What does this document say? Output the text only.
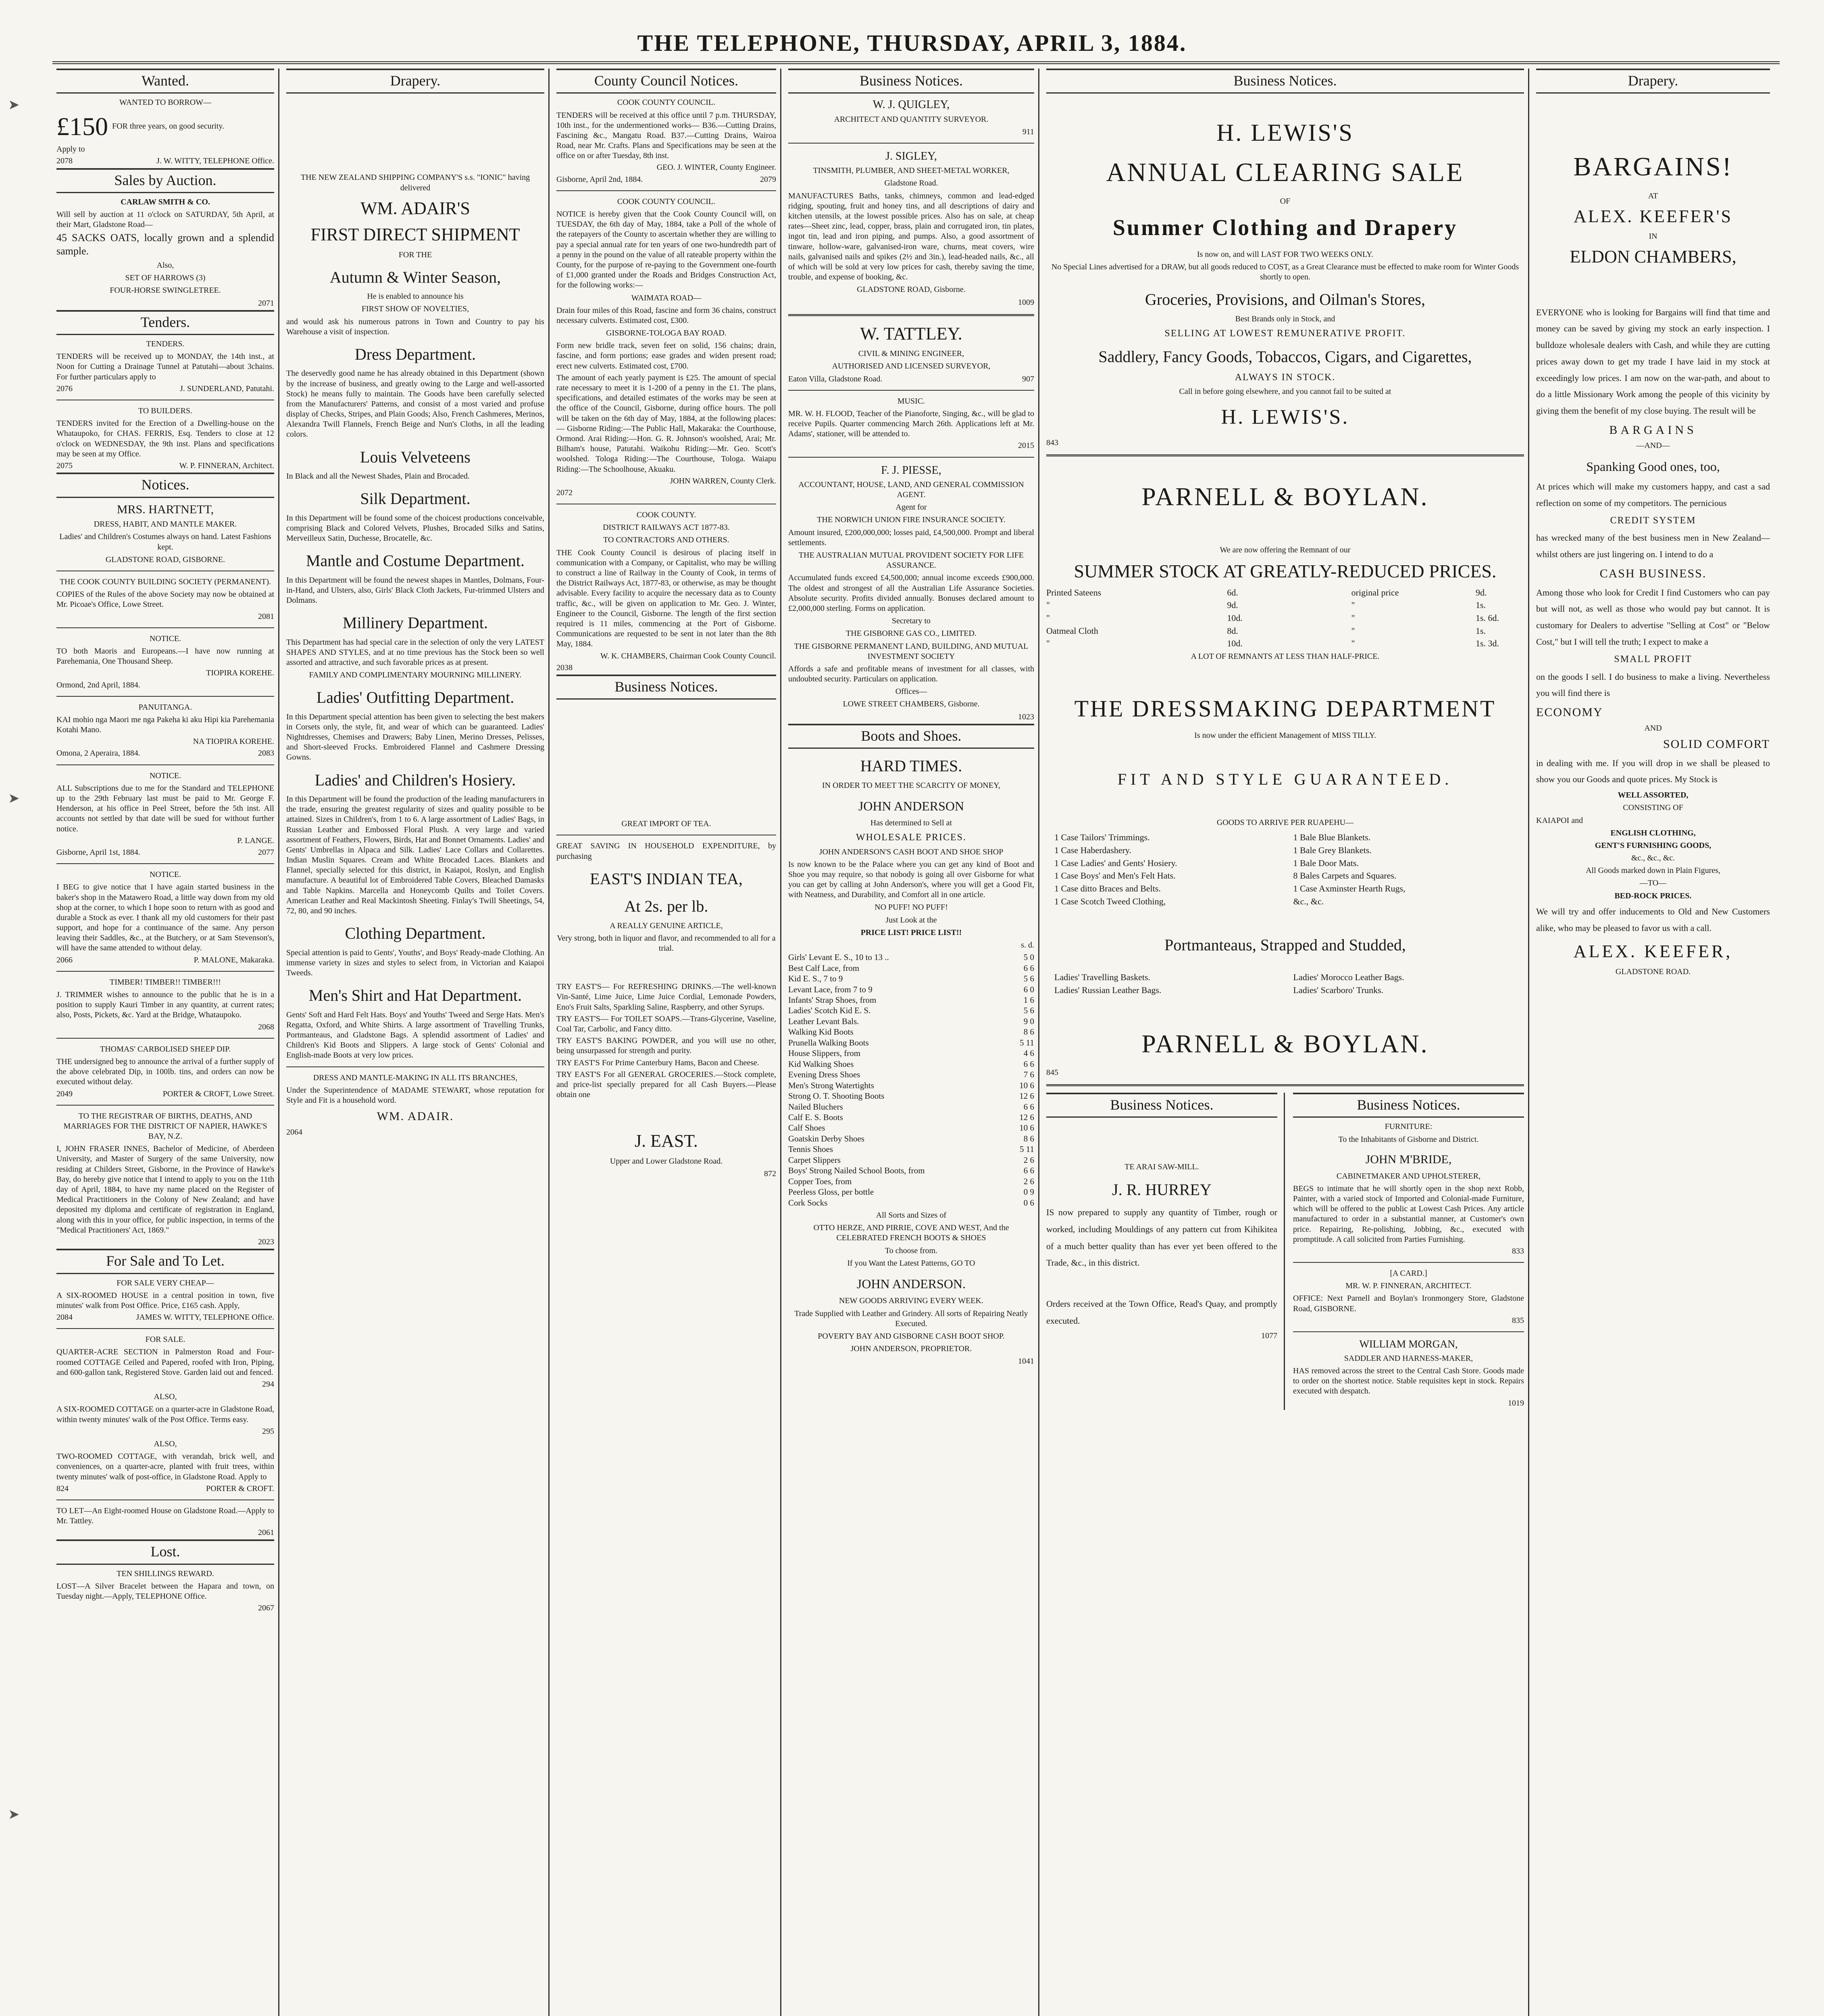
THE TELEPHONE, THURSDAY, APRIL 3, 1884.
➤
➤
➤
Wanted.
WANTED TO BORROW—
£150 FOR three years, on good security.
Apply to
2078	J. W. WITTY, TELEPHONE Office.
Sales by Auction.
CARLAW SMITH & CO.
Will sell by auction at 11 o'clock on SATURDAY, 5th April, at their Mart, Gladstone Road—
45 SACKS OATS, locally grown and a splendid sample.
Also,
SET OF HARROWS (3)
FOUR-HORSE SWINGLETREE.
2071
Tenders.
TENDERS.
TENDERS will be received up to MONDAY, the 14th inst., at Noon for Cutting a Drainage Tunnel at Patutahi—about 3chains. For further particulars apply to
2076	J. SUNDERLAND, Patutahi.
TO BUILDERS.
TENDERS invited for the Erection of a Dwelling-house on the Whataupoko, for CHAS. FERRIS, Esq. Tenders to close at 12 o'clock on WEDNESDAY, the 9th inst. Plans and specifications may be seen at my Office.
2075	W. P. FINNERAN, Architect.
Notices.
MRS. HARTNETT,
DRESS, HABIT, AND MANTLE MAKER.
Ladies' and Children's Costumes always on hand. Latest Fashions kept.
GLADSTONE ROAD, GISBORNE.
THE COOK COUNTY BUILDING SOCIETY (PERMANENT).
COPIES of the Rules of the above Society may now be obtained at Mr. Picoae's Office, Lowe Street.
2081
NOTICE.
TO both Maoris and Europeans.—I have now running at Parehemania, One Thousand Sheep.
TIOPIRA KOREHE.
Ormond, 2nd April, 1884.
PANUITANGA.
KAI mohio nga Maori me nga Pakeha ki aku Hipi kia Parehemania Kotahi Mano.
NA TIOPIRA KOREHE.
Omona, 2 Aperaira, 1884.	2083
NOTICE.
ALL Subscriptions due to me for the Standard and TELEPHONE up to the 29th February last must be paid to Mr. George F. Henderson, at his office in Peel Street, before the 5th inst. All accounts not settled by that date will be sued for without further notice.
P. LANGE.
Gisborne, April 1st, 1884.	2077
NOTICE.
I BEG to give notice that I have again started business in the baker's shop in the Matawero Road, a little way down from my old shop at the corner, to which I hope soon to return with as good and durable a Stock as ever. I thank all my old customers for their past support, and hope for a continuance of the same. Any person leaving their Saddles, &c., at the Butchery, or at Sam Stevenson's, will have the same attended to without delay.
2066	P. MALONE, Makaraka.
TIMBER! TIMBER!! TIMBER!!!
J. TRIMMER wishes to announce to the public that he is in a position to supply Kauri Timber in any quantity, at current rates; also, Posts, Pickets, &c. Yard at the Bridge, Whataupoko.
2068
THOMAS' CARBOLISED SHEEP DIP.
THE undersigned beg to announce the arrival of a further supply of the above celebrated Dip, in 100lb. tins, and orders can now be executed without delay.
2049	PORTER & CROFT, Lowe Street.
TO THE REGISTRAR OF BIRTHS, DEATHS, AND MARRIAGES FOR THE DISTRICT OF NAPIER, HAWKE'S BAY, N.Z.
I, JOHN FRASER INNES, Bachelor of Medicine, of Aberdeen University, and Master of Surgery of the same University, now residing at Childers Street, Gisborne, in the Province of Hawke's Bay, do hereby give notice that I intend to apply to you on the 11th day of April, 1884, to have my name placed on the Register of Medical Practitioners in the Colony of New Zealand; and have deposited my diploma and certificate of registration in England, along with this in your office, for public inspection, in terms of the "Medical Practitioners' Act, 1869."
2023
For Sale and To Let.
FOR SALE VERY CHEAP—
A SIX-ROOMED HOUSE in a central position in town, five minutes' walk from Post Office. Price, £165 cash. Apply,
2084	JAMES W. WITTY, TELEPHONE Office.
FOR SALE.
QUARTER-ACRE SECTION in Palmerston Road and Four-roomed COTTAGE Ceiled and Papered, roofed with Iron, Piping, and 600-gallon tank, Registered Stove. Garden laid out and fenced.
294
ALSO,
A SIX-ROOMED COTTAGE on a quarter-acre in Gladstone Road, within twenty minutes' walk of the Post Office. Terms easy.
295
ALSO,
TWO-ROOMED COTTAGE, with verandah, brick well, and conveniences, on a quarter-acre, planted with fruit trees, within twenty minutes' walk of post-office, in Gladstone Road. Apply to
824	PORTER & CROFT.
TO LET—An Eight-roomed House on Gladstone Road.—Apply to Mr. Tattley.
2061
Lost.
TEN SHILLINGS REWARD.
LOST—A Silver Bracelet between the Hapara and town, on Tuesday night.—Apply, TELEPHONE Office.
2067
Drapery.
THE NEW ZEALAND SHIPPING COMPANY'S s.s. "IONIC" having delivered
WM. ADAIR'S
FIRST DIRECT SHIPMENT
FOR THE
Autumn & Winter Season,
He is enabled to announce his
FIRST SHOW OF NOVELTIES,
and would ask his numerous patrons in Town and Country to pay his Warehouse a visit of inspection.
Dress Department.
The deservedly good name he has already obtained in this Department (shown by the increase of business, and greatly owing to the Large and well-assorted Stock) he means fully to maintain. The Goods have been carefully selected from the Manufacturers' Patterns, and consist of a most varied and profuse display of Checks, Stripes, and Plain Goods; Also, French Cashmeres, Merinos, Alexandra Twill Flannels, French Beige and Nun's Cloths, in all the leading colors.
Louis Velveteens
In Black and all the Newest Shades, Plain and Brocaded.
Silk Department.
In this Department will be found some of the choicest productions conceivable, comprising Black and Colored Velvets, Plushes, Brocaded Silks and Satins, Merveilleux Satin, Duchesse, Brocatelle, &c.
Mantle and Costume Department.
In this Department will be found the newest shapes in Mantles, Dolmans, Four-in-Hand, and Ulsters, also, Girls' Black Cloth Jackets, Fur-trimmed Ulsters and Dolmans.
Millinery Department.
This Department has had special care in the selection of only the very LATEST SHAPES AND STYLES, and at no time previous has the Stock been so well assorted and attractive, and such favorable prices as at present.
FAMILY AND COMPLIMENTARY MOURNING MILLINERY.
Ladies' Outfitting Department.
In this Department special attention has been given to selecting the best makers in Corsets only, the style, fit, and wear of which can be guaranteed. Ladies' Nightdresses, Chemises and Drawers; Baby Linen, Merino Dresses, Pelisses, and Short-sleeved Frocks. Embroidered Flannel and Cashmere Dressing Gowns.
Ladies' and Children's Hosiery.
In this Department will be found the production of the leading manufacturers in the trade, ensuring the greatest regularity of sizes and quality possible to be attained. Sizes in Children's, from 1 to 6. A large assortment of Ladies' Bags, in Russian Leather and Embossed Floral Plush. A very large and varied assortment of Feathers, Flowers, Birds, Hat and Bonnet Ornaments. Ladies' and Gents' Umbrellas in Alpaca and Silk. Ladies' Lace Collars and Collarettes. Indian Muslin Squares. Cream and White Brocaded Laces. Blankets and Flannel, specially selected for this district, in Kaiapoi, Roslyn, and English manufacture. A beautiful lot of Embroidered Table Covers, Bleached Damasks and Table Napkins. Marcella and Honeycomb Quilts and Toilet Covers. American Leather and Real Mackintosh Sheeting. Finlay's Twill Sheetings, 54, 72, 80, and 90 inches.
Clothing Department.
Special attention is paid to Gents', Youths', and Boys' Ready-made Clothing. An immense variety in sizes and styles to select from, in Victorian and Kaiapoi Tweeds.
Men's Shirt and Hat Department.
Gents' Soft and Hard Felt Hats. Boys' and Youths' Tweed and Serge Hats. Men's Regatta, Oxford, and White Shirts. A large assortment of Travelling Trunks, Portmanteaus, and Gladstone Bags. A splendid assortment of Ladies' and Children's Kid Boots and Slippers. A large stock of Gents' Colonial and English-made Boots at very low prices.
DRESS AND MANTLE-MAKING IN ALL ITS BRANCHES,
Under the Superintendence of MADAME STEWART, whose reputation for Style and Fit is a household word.
WM. ADAIR.
2064
County Council Notices.
COOK COUNTY COUNCIL.
TENDERS will be received at this office until 7 p.m. THURSDAY, 10th inst., for the undermentioned works— B36.—Cutting Drains, Fascining &c., Mangatu Road. B37.—Cutting Drains, Wairoa Road, near Mr. Crafts. Plans and Specifications may be seen at the office on or after Tuesday, 8th inst.
GEO. J. WINTER, County Engineer.
Gisborne, April 2nd, 1884.	2079
COOK COUNTY COUNCIL.
NOTICE is hereby given that the Cook County Council will, on TUESDAY, the 6th day of May, 1884, take a Poll of the whole of the ratepayers of the County to ascertain whether they are willing to pay a special annual rate for ten years of one two-hundredth part of a penny in the pound on the value of all rateable property within the County, for the purpose of re-paying to the Government one-fourth of £1,000 granted under the Roads and Bridges Construction Act, for the following works:—
WAIMATA ROAD—
Drain four miles of this Road, fascine and form 36 chains, construct necessary culverts. Estimated cost, £300.
GISBORNE-TOLOGA BAY ROAD.
Form new bridle track, seven feet on solid, 156 chains; drain, fascine, and form portions; ease grades and widen present road; erect new culverts. Estimated cost, £700.
The amount of each yearly payment is £25. The amount of special rate necessary to meet it is 1-200 of a penny in the £1. The plans, specifications, and detailed estimates of the works may be seen at the office of the Council, Gisborne, during office hours. The poll will be taken on the 6th day of May, 1884, at the following places:— Gisborne Riding:—The Public Hall, Makaraka: the Courthouse, Ormond. Arai Riding:—Hon. G. R. Johnson's woolshed, Arai; Mr. Bilham's house, Patutahi. Waikohu Riding:—Mr. Geo. Scott's woolshed. Tologa Riding:—The Courthouse, Tologa. Waiapu Riding:—The Schoolhouse, Akuaku.
JOHN WARREN, County Clerk.
2072
COOK COUNTY.
DISTRICT RAILWAYS ACT 1877-83.
TO CONTRACTORS AND OTHERS.
THE Cook County Council is desirous of placing itself in communication with a Company, or Capitalist, who may be willing to construct a line of Railway in the County of Cook, in terms of the District Railways Act, 1877-83, or otherwise, as may be thought advisable. Every facility to acquire the necessary data as to County traffic, &c., will be given on application to Mr. Geo. J. Winter, Engineer to the Council, Gisborne. The length of the first section required is 11 miles, commencing at the Port of Gisborne. Communications are requested to be sent in not later than the 8th May, 1884.
W. K. CHAMBERS, Chairman Cook County Council.
2038
Business Notices.
GREAT IMPORT OF TEA.
GREAT SAVING IN HOUSEHOLD EXPENDITURE, by purchasing
EAST'S INDIAN TEA,
At 2s. per lb.
A REALLY GENUINE ARTICLE,
Very strong, both in liquor and flavor, and recommended to all for a trial.
TRY EAST'S— For REFRESHING DRINKS.—The well-known Vin-Santé, Lime Juice, Lime Juice Cordial, Lemonade Powders, Eno's Fruit Salts, Sparkling Saline, Raspberry, and other Syrups.
TRY EAST'S— For TOILET SOAPS.—Trans-Glycerine, Vaseline, Coal Tar, Carbolic, and Fancy ditto.
TRY EAST'S BAKING POWDER, and you will use no other, being unsurpassed for strength and purity.
TRY EAST'S For Prime Canterbury Hams, Bacon and Cheese.
TRY EAST'S For all GENERAL GROCERIES.—Stock complete, and price-list specially prepared for all Cash Buyers.—Please obtain one
J. EAST.
Upper and Lower Gladstone Road.
872
Business Notices.
W. J. QUIGLEY,
ARCHITECT AND QUANTITY SURVEYOR.
911
J. SIGLEY,
TINSMITH, PLUMBER, AND SHEET-METAL WORKER,
Gladstone Road.
MANUFACTURES Baths, tanks, chimneys, common and lead-edged ridging, spouting, fruit and honey tins, and all descriptions of dairy and kitchen utensils, at the lowest possible prices. Also has on sale, at cheap rates—Sheet zinc, lead, copper, brass, plain and corrugated iron, tin plates, ingot tin, lead and iron piping, and pumps. Also, a good assortment of tinware, hollow-ware, galvanised-iron ware, churns, meat covers, wire nails, galvanised nails and spikes (2½ and 3in.), lead-headed nails, &c., all of which will be sold at very low prices for cash, thereby saving the time, trouble, and expense of booking, &c.
GLADSTONE ROAD, Gisborne.
1009
W. TATTLEY.
CIVIL & MINING ENGINEER,
AUTHORISED AND LICENSED SURVEYOR,
Eaton Villa, Gladstone Road.	907
MUSIC.
MR. W. H. FLOOD, Teacher of the Pianoforte, Singing, &c., will be glad to receive Pupils. Quarter commencing March 26th. Applications left at Mr. Adams', stationer, will be attended to.
2015
F. J. PIESSE,
ACCOUNTANT, HOUSE, LAND, AND GENERAL COMMISSION AGENT.
Agent for
THE NORWICH UNION FIRE INSURANCE SOCIETY.
Amount insured, £200,000,000; losses paid, £4,500,000. Prompt and liberal settlements.
THE AUSTRALIAN MUTUAL PROVIDENT SOCIETY FOR LIFE ASSURANCE.
Accumulated funds exceed £4,500,000; annual income exceeds £900,000. The oldest and strongest of all the Australian Life Assurance Societies. Absolute security. Profits divided annually. Bonuses declared amount to £2,000,000 sterling. Forms on application.
Secretary to
THE GISBORNE GAS CO., LIMITED.
THE GISBORNE PERMANENT LAND, BUILDING, AND MUTUAL INVESTMENT SOCIETY
Affords a safe and profitable means of investment for all classes, with undoubted security. Particulars on application.
Offices—
LOWE STREET CHAMBERS, Gisborne.
1023
Boots and Shoes.
HARD TIMES.
IN ORDER TO MEET THE SCARCITY OF MONEY,
JOHN ANDERSON
Has determined to Sell at
WHOLESALE PRICES.
JOHN ANDERSON'S CASH BOOT AND SHOE SHOP
Is now known to be the Palace where you can get any kind of Boot and Shoe you may require, so that nobody is going all over Gisborne for what you can get by calling at John Anderson's, where you will get a Good Fit, with Neatness, and Durability, and Comfort all in one article.
NO PUFF! NO PUFF!
Just Look at the
PRICE LIST! PRICE LIST!!
s. d.
Girls' Levant E. S., 10 to 13 ..	5 0
Best Calf Lace, from	6 6
Kid E. S., 7 to 9	5 6
Levant Lace, from 7 to 9	6 0
Infants' Strap Shoes, from	1 6
Ladies' Scotch Kid E. S.	5 6
Leather Levant Bals.	9 0
Walking Kid Boots	8 6
Prunella Walking Boots	5 11
House Slippers, from	4 6
Kid Walking Shoes	6 6
Evening Dress Shoes	7 6
Men's Strong Watertights	10 6
Strong O. T. Shooting Boots	12 6
Nailed Bluchers	6 6
Calf E. S. Boots	12 6
Calf Shoes	10 6
Goatskin Derby Shoes	8 6
Tennis Shoes	5 11
Carpet Slippers	2 6
Boys' Strong Nailed School Boots, from	6 6
Copper Toes, from	2 6
Peerless Gloss, per bottle	0 9
Cork Socks	0 6
All Sorts and Sizes of
OTTO HERZE, AND PIRRIE, COVE AND WEST, And the CELEBRATED FRENCH BOOTS & SHOES
To choose from.
If you Want the Latest Patterns, GO TO
JOHN ANDERSON.
NEW GOODS ARRIVING EVERY WEEK.
Trade Supplied with Leather and Grindery. All sorts of Repairing Neatly Executed.
POVERTY BAY AND GISBORNE CASH BOOT SHOP.
JOHN ANDERSON, PROPRIETOR.
1041
Business Notices.
H. LEWIS'S
ANNUAL CLEARING SALE
OF
Summer Clothing and Drapery
Is now on, and will LAST FOR TWO WEEKS ONLY.
No Special Lines advertised for a DRAW, but all goods reduced to COST, as a Great Clearance must be effected to make room for Winter Goods shortly to open.
Groceries, Provisions, and Oilman's Stores,
Best Brands only in Stock, and
SELLING AT LOWEST REMUNERATIVE PROFIT.
Saddlery, Fancy Goods, Tobaccos, Cigars, and Cigarettes,
ALWAYS IN STOCK.
Call in before going elsewhere, and you cannot fail to be suited at
H. LEWIS'S.
843
PARNELL & BOYLAN.
We are now offering the Remnant of our
SUMMER STOCK AT GREATLY-REDUCED PRICES.
Printed Sateens	6d.	original price	9d.
"	9d.	"	1s.
"	10d.	"	1s. 6d.
Oatmeal Cloth	8d.	"	1s.
"	10d.	"	1s. 3d.
A LOT OF REMNANTS AT LESS THAN HALF-PRICE.
THE DRESSMAKING DEPARTMENT
Is now under the efficient Management of MISS TILLY.
FIT AND STYLE GUARANTEED.
GOODS TO ARRIVE PER RUAPEHU—
1 Case Tailors' Trimmings.	1 Bale Blue Blankets.
1 Case Haberdashery.	1 Bale Grey Blankets.
1 Case Ladies' and Gents' Hosiery.	1 Bale Door Mats.
1 Case Boys' and Men's Felt Hats.	8 Bales Carpets and Squares.
1 Case ditto Braces and Belts.	1 Case Axminster Hearth Rugs,
1 Case Scotch Tweed Clothing,	&c., &c.
Portmanteaus, Strapped and Studded,
Ladies' Travelling Baskets.	Ladies' Morocco Leather Bags.
Ladies' Russian Leather Bags.	Ladies' Scarboro' Trunks.
PARNELL & BOYLAN.
845
Business Notices.
TE ARAI SAW-MILL.
J. R. HURREY
IS now prepared to supply any quantity of Timber, rough or worked, including Mouldings of any pattern cut from Kihikitea of a much better quality than has ever yet been offered to the Trade, &c., in this district.
Orders received at the Town Office, Read's Quay, and promptly executed.
1077
Business Notices.
FURNITURE:
To the Inhabitants of Gisborne and District.
JOHN M'BRIDE,
CABINETMAKER AND UPHOLSTERER,
BEGS to intimate that he will shortly open in the shop next Robb, Painter, with a varied stock of Imported and Colonial-made Furniture, which will be offered to the public at Lowest Cash Prices. Any article manufactured to order in a substantial manner, at Customer's own price. Repairing, Re-polishing, Jobbing, &c., executed with promptitude. A call solicited from Parties Furnishing.
833
[A CARD.]
MR. W. P. FINNERAN, ARCHITECT.
OFFICE: Next Parnell and Boylan's Ironmongery Store, Gladstone Road, GISBORNE.
835
WILLIAM MORGAN,
SADDLER AND HARNESS-MAKER,
HAS removed across the street to the Central Cash Store. Goods made to order on the shortest notice. Stable requisites kept in stock. Repairs executed with despatch.
1019
Drapery.
BARGAINS!
AT
ALEX. KEEFER'S
IN
ELDON CHAMBERS,
EVERYONE who is looking for Bargains will find that time and money can be saved by giving my stock an early inspection. I bulldoze wholesale dealers with Cash, and while they are cutting prices away down to get my trade I have laid in my stock at exceedingly low prices. I am now on the war-path, and about to do a little Missionary Work among the people of this vicinity by giving them the benefit of my close buying. The result will be
BARGAINS
—AND—
Spanking Good ones, too,
At prices which will make my customers happy, and cast a sad reflection on some of my competitors. The pernicious
CREDIT SYSTEM
has wrecked many of the best business men in New Zealand—whilst others are just lingering on. I intend to do a
CASH BUSINESS.
Among those who look for Credit I find Customers who can pay but will not, as well as those who would pay but cannot. It is customary for Dealers to advertise "Selling at Cost" or "Below Cost," but I will tell the truth; I expect to make a
SMALL PROFIT
on the goods I sell. I do business to make a living. Nevertheless you will find there is
ECONOMY
AND
SOLID COMFORT
in dealing with me. If you will drop in we shall be pleased to show you our Goods and quote prices. My Stock is
WELL ASSORTED,
CONSISTING OF
KAIAPOI and
ENGLISH CLOTHING,
GENT'S FURNISHING GOODS,
&c., &c., &c.
All Goods marked down in Plain Figures,
—TO—
BED-ROCK PRICES.
We will try and offer inducements to Old and New Customers alike, who may be pleased to favor us with a call.
ALEX. KEEFER,
GLADSTONE ROAD.
